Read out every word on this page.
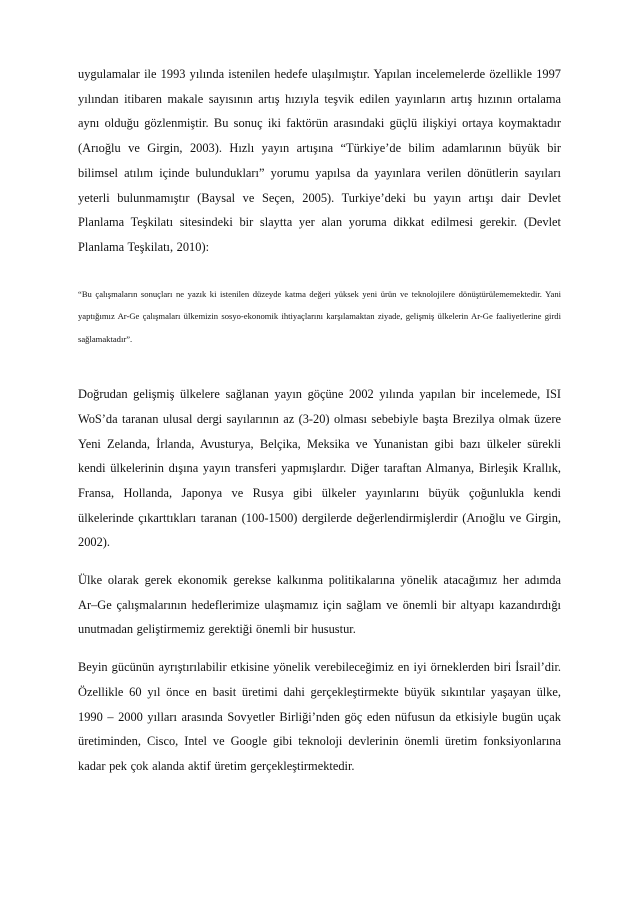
uygulamalar ile 1993 yılında istenilen hedefe ulaşılmıştır. Yapılan incelemelerde özellikle 1997 yılından itibaren makale sayısının artış hızıyla teşvik edilen yayınların artış hızının ortalama aynı olduğu gözlenmiştir. Bu sonuç iki faktörün arasındaki güçlü ilişkiyi ortaya koymaktadır (Arıoğlu ve Girgin, 2003). Hızlı yayın artışına “Türkiye’de bilim adamlarının büyük bir bilimsel atılım içinde bulundukları” yorumu yapılsa da yayınlara verilen dönütlerin sayıları yeterli bulunmamıştır (Baysal ve Seçen, 2005). Turkiye’deki bu yayın artışı dair Devlet Planlama Teşkilatı sitesindeki bir slaytta yer alan yoruma dikkat edilmesi gerekir. (Devlet Planlama Teşkilatı, 2010):

“Bu çalışmaların sonuçları ne yazık ki istenilen düzeyde katma değeri yüksek yeni ürün ve teknolojilere dönüştürülememektedir. Yani yaptığımız Ar-Ge çalışmaları ülkemizin sosyo-ekonomik ihtiyaçlarını karşılamaktan ziyade, gelişmiş ülkelerin Ar-Ge faaliyetlerine girdi sağlamaktadır”.

Doğrudan gelişmiş ülkelere sağlanan yayın göçüne 2002 yılında yapılan bir incelemede, ISI WoS’da taranan ulusal dergi sayılarının az (3-20) olması sebebiyle başta Brezilya olmak üzere Yeni Zelanda, İrlanda, Avusturya, Belçika, Meksika ve Yunanistan gibi bazı ülkeler sürekli kendi ülkelerinin dışına yayın transferi yapmışlardır. Diğer taraftan Almanya, Birleşik Krallık, Fransa, Hollanda, Japonya ve Rusya gibi ülkeler yayınlarını büyük çoğunlukla kendi ülkelerinde çıkarttıkları taranan (100-1500) dergilerde değerlendirmişlerdir (Arıoğlu ve Girgin, 2002).

Ülke olarak gerek ekonomik gerekse kalkınma politikalarına yönelik atacağımız her adımda Ar–Ge çalışmalarının hedeflerimize ulaşmamız için sağlam ve önemli bir altyapı kazandırdığı unutmadan geliştirmemiz gerektiği önemli bir husustur.

Beyin gücünün ayrıştırılabilir etkisine yönelik verebileceğimiz en iyi örneklerden biri İsrail’dir. Özellikle 60 yıl önce en basit üretimi dahi gerçekleştirmekte büyük sıkıntılar yaşayan ülke, 1990 – 2000 yılları arasında Sovyetler Birliği’nden göç eden nüfusun da etkisiyle bugün uçak üretiminden, Cisco, Intel ve Google gibi teknoloji devlerinin önemli üretim fonksiyonlarına kadar pek çok alanda aktif üretim gerçekleştirmektedir.
